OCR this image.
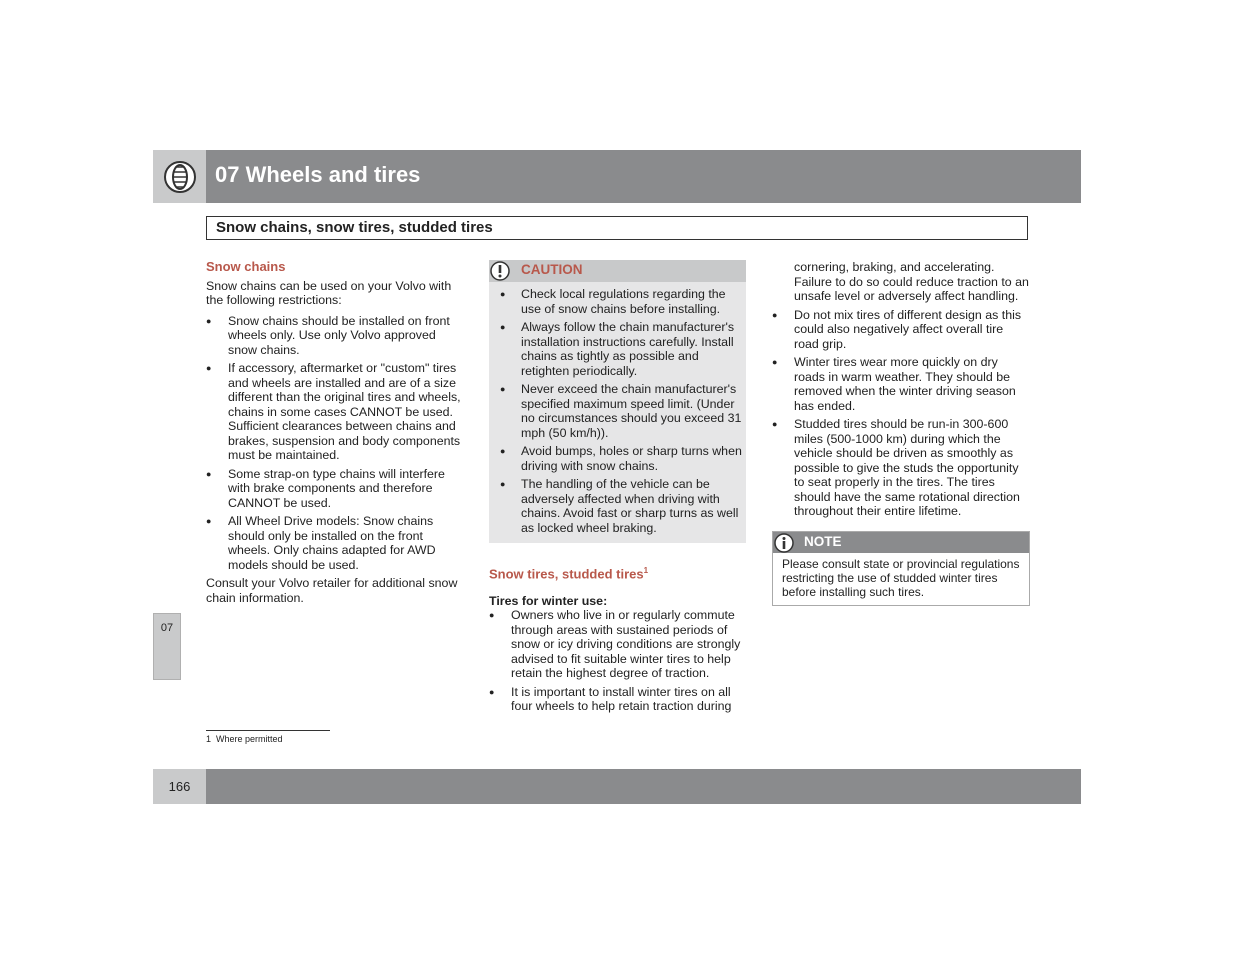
07 Wheels and tires
Snow chains, snow tires, studded tires

Snow chains

Snow chains can be used on your Volvo with the following restrictions:

● Snow chains should be installed on front wheels only. Use only Volvo approved snow chains.
● If accessory, aftermarket or "custom" tires and wheels are installed and are of a size different than the original tires and wheels, chains in some cases CANNOT be used. Sufficient clearances between chains and brakes, suspension and body components must be maintained.
● Some strap-on type chains will interfere with brake components and therefore CANNOT be used.
● All Wheel Drive models: Snow chains should only be installed on the front wheels. Only chains adapted for AWD models should be used.

Consult your Volvo retailer for additional snow chain information.

CAUTION
● Check local regulations regarding the use of snow chains before installing.
● Always follow the chain manufacturer's installation instructions carefully. Install chains as tightly as possible and retighten periodically.
● Never exceed the chain manufacturer's specified maximum speed limit. (Under no circumstances should you exceed 31 mph (50 km/h)).
● Avoid bumps, holes or sharp turns when driving with snow chains.
● The handling of the vehicle can be adversely affected when driving with chains. Avoid fast or sharp turns as well as locked wheel braking.

Snow tires, studded tires$^1$

Tires for winter use:

● Owners who live in or regularly commute through areas with sustained periods of snow or icy driving conditions are strongly advised to fit suitable winter tires to help retain the highest degree of traction.
● It is important to install winter tires on all four wheels to help retain traction during

cornering, braking, and accelerating. Failure to do so could reduce traction to an unsafe level or adversely affect handling.

● Do not mix tires of different design as this could also negatively affect overall tire road grip.
● Winter tires wear more quickly on dry roads in warm weather. They should be removed when the winter driving season has ended.
● Studded tires should be run-in 300-600 miles (500-1000 km) during which the vehicle should be driven as smoothly as possible to give the studs the opportunity to seat properly in the tires. The tires should have the same rotational direction throughout their entire lifetime.
NOTE

Please consult state or provincial regulations restricting the use of studded winter tires before installing such tires.

07
1 Where permitted
166
